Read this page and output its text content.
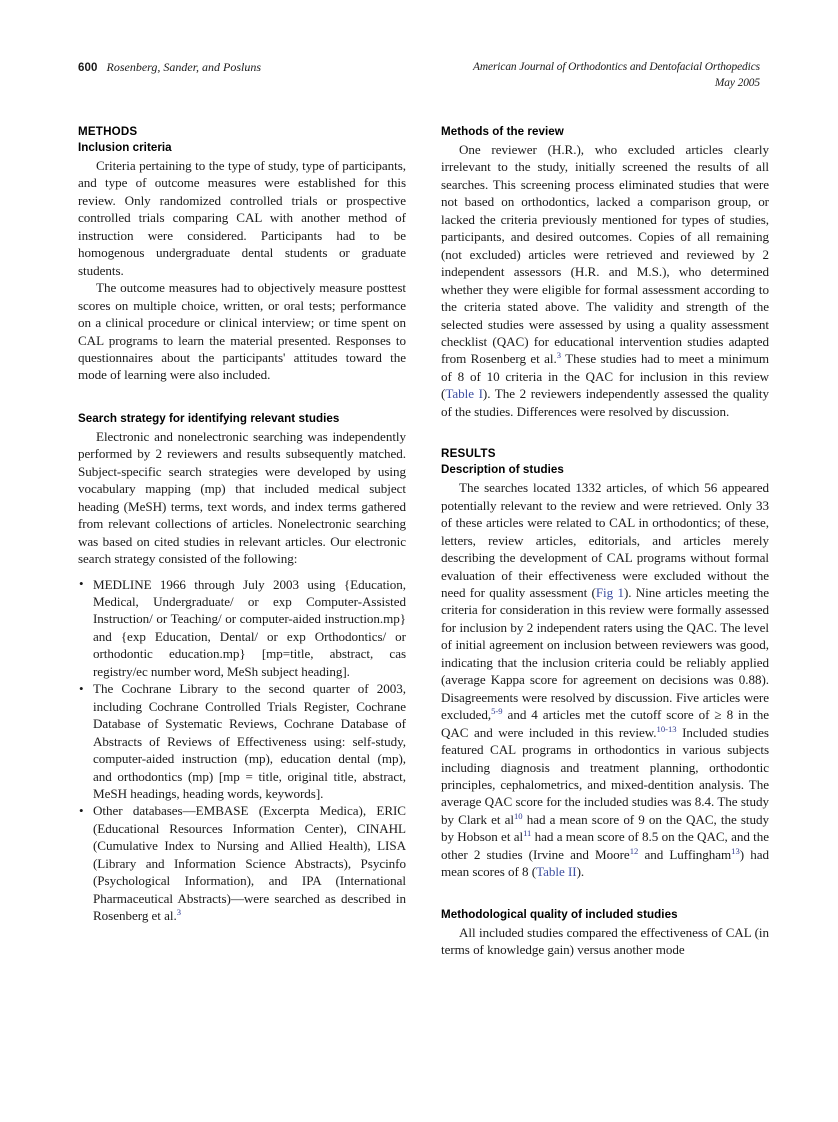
600 Rosenberg, Sander, and Posluns	American Journal of Orthodontics and Dentofacial Orthopedics
May 2005
METHODS
Inclusion criteria

Criteria pertaining to the type of study, type of participants, and type of outcome measures were established for this review. Only randomized controlled trials or prospective controlled trials comparing CAL with another method of instruction were considered. Participants had to be homogenous undergraduate dental students or graduate students.

The outcome measures had to objectively measure posttest scores on multiple choice, written, or oral tests; performance on a clinical procedure or clinical interview; or time spent on CAL programs to learn the material presented. Responses to questionnaires about the participants' attitudes toward the mode of learning were also included.

Search strategy for identifying relevant studies

Electronic and nonelectronic searching was independently performed by 2 reviewers and results subsequently matched. Subject-specific search strategies were developed by using vocabulary mapping (mp) that included medical subject heading (MeSH) terms, text words, and index terms gathered from relevant collections of articles. Nonelectronic searching was based on cited studies in relevant articles. Our electronic search strategy consisted of the following:

• MEDLINE 1966 through July 2003 using {Education, Medical, Undergraduate/ or exp Computer-Assisted Instruction/ or Teaching/ or computer-aided instruction.mp} and {exp Education, Dental/ or exp Orthodontics/ or orthodontic education.mp} [mp=title, abstract, cas registry/ec number word, MeSh subject heading].
• The Cochrane Library to the second quarter of 2003, including Cochrane Controlled Trials Register, Cochrane Database of Systematic Reviews, Cochrane Database of Abstracts of Reviews of Effectiveness using: self-study, computer-aided instruction (mp), education dental (mp), and orthodontics (mp) [mp = title, original title, abstract, MeSH headings, heading words, keywords].
• Other databases—EMBASE (Excerpta Medica), ERIC (Educational Resources Information Center), CINAHL (Cumulative Index to Nursing and Allied Health), LISA (Library and Information Science Abstracts), Psycinfo (Psychological Information), and IPA (International Pharmaceutical Abstracts)—were searched as described in Rosenberg et al.$^3$
Methods of the review

One reviewer (H.R.), who excluded articles clearly irrelevant to the study, initially screened the results of all searches. This screening process eliminated studies that were not based on orthodontics, lacked a comparison group, or lacked the criteria previously mentioned for types of studies, participants, and desired outcomes. Copies of all remaining (not excluded) articles were retrieved and reviewed by 2 independent assessors (H.R. and M.S.), who determined whether they were eligible for formal assessment according to the criteria stated above. The validity and strength of the selected studies were assessed by using a quality assessment checklist (QAC) for educational intervention studies adapted from Rosenberg et al.$^3$ These studies had to meet a minimum of 8 of 10 criteria in the QAC for inclusion in this review (Table I). The 2 reviewers independently assessed the quality of the studies. Differences were resolved by discussion.

RESULTS
Description of studies

The searches located 1332 articles, of which 56 appeared potentially relevant to the review and were retrieved. Only 33 of these articles were related to CAL in orthodontics; of these, letters, review articles, editorials, and articles merely describing the development of CAL programs without formal evaluation of their effectiveness were excluded without the need for quality assessment (Fig 1). Nine articles meeting the criteria for consideration in this review were formally assessed for inclusion by 2 independent raters using the QAC. The level of initial agreement on inclusion between reviewers was good, indicating that the inclusion criteria could be reliably applied (average Kappa score for agreement on decisions was 0.88). Disagreements were resolved by discussion. Five articles were excluded,$^{5-9}$ and 4 articles met the cutoff score of ≥ 8 in the QAC and were included in this review.$^{10-13}$ Included studies featured CAL programs in orthodontics in various subjects including diagnosis and treatment planning, orthodontic principles, cephalometrics, and mixed-dentition analysis. The average QAC score for the included studies was 8.4. The study by Clark et al$^{10}$ had a mean score of 9 on the QAC, the study by Hobson et al$^{11}$ had a mean score of 8.5 on the QAC, and the other 2 studies (Irvine and Moore$^{12}$ and Luffingham$^{13}$) had mean scores of 8 (Table II).

Methodological quality of included studies

All included studies compared the effectiveness of CAL (in terms of knowledge gain) versus another mode
